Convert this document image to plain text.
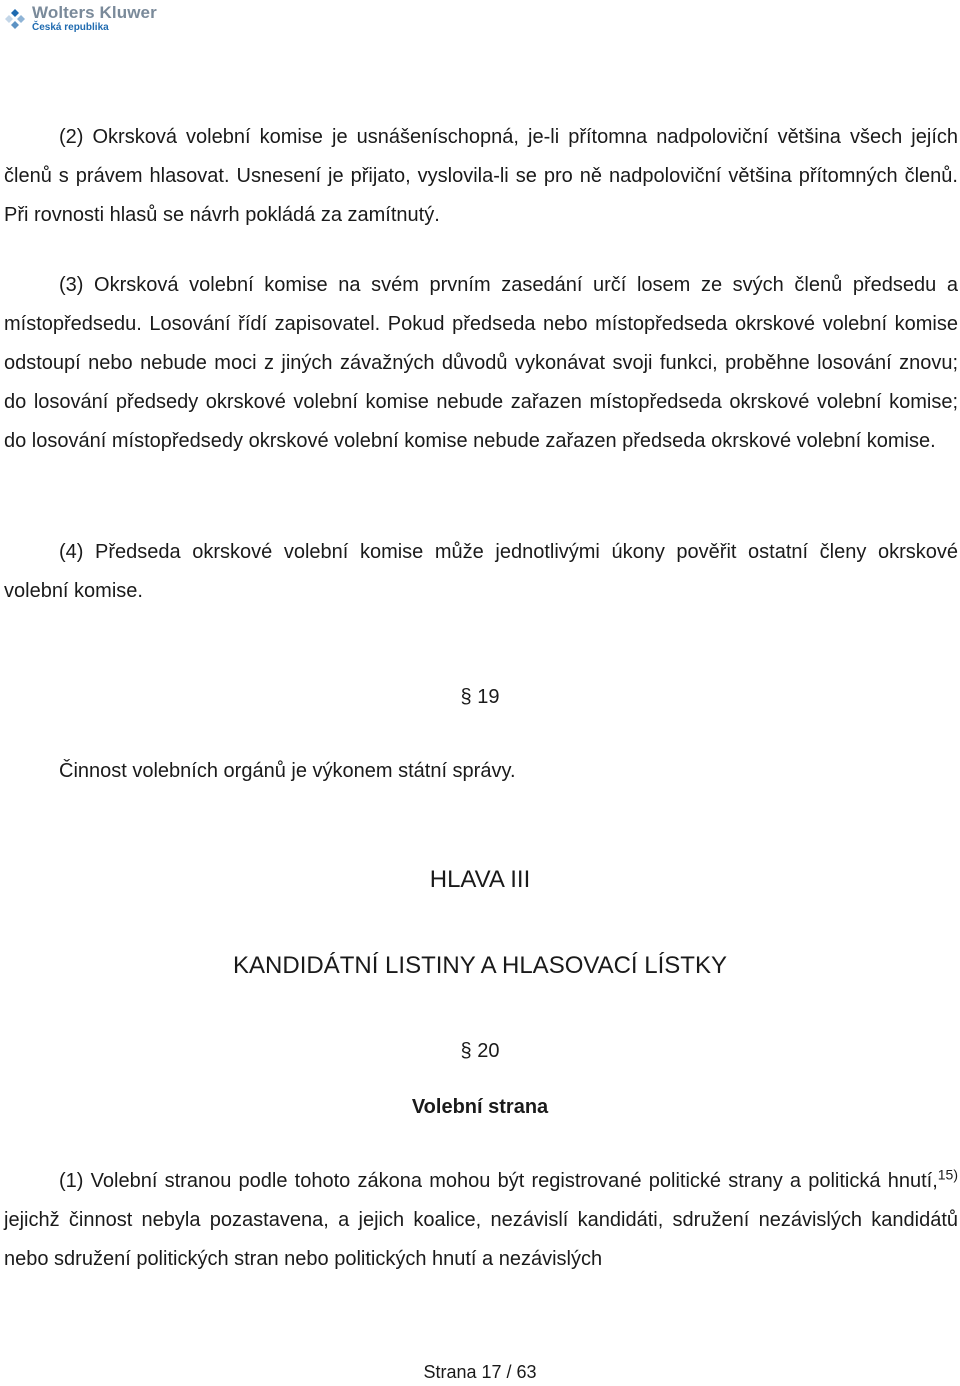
Wolters Kluwer
Česká republika

(2) Okrsková volební komise je usnášeníschopná, je-li přítomna nadpoloviční většina všech jejích členů s právem hlasovat. Usnesení je přijato, vyslovila-li se pro ně nadpoloviční většina přítomných členů. Při rovnosti hlasů se návrh pokládá za zamítnutý.

(3) Okrsková volební komise na svém prvním zasedání určí losem ze svých členů předsedu a místopředsedu. Losování řídí zapisovatel. Pokud předseda nebo místopředseda okrskové volební komise odstoupí nebo nebude moci z jiných závažných důvodů vykonávat svoji funkci, proběhne losování znovu; do losování předsedy okrskové volební komise nebude zařazen místopředseda okrskové volební komise; do losování místopředsedy okrskové volební komise nebude zařazen předseda okrskové volební komise.

(4) Předseda okrskové volební komise může jednotlivými úkony pověřit ostatní členy okrskové volební komise.

§ 19

Činnost volebních orgánů je výkonem státní správy.

HLAVA III

KANDIDÁTNÍ LISTINY A HLASOVACÍ LÍSTKY

§ 20

Volební strana

(1) Volební stranou podle tohoto zákona mohou být registrované politické strany a politická hnutí,$^{15)}$ jejichž činnost nebyla pozastavena, a jejich koalice, nezávislí kandidáti, sdružení nezávislých kandidátů nebo sdružení politických stran nebo politických hnutí a nezávislých

Strana 17 / 63
